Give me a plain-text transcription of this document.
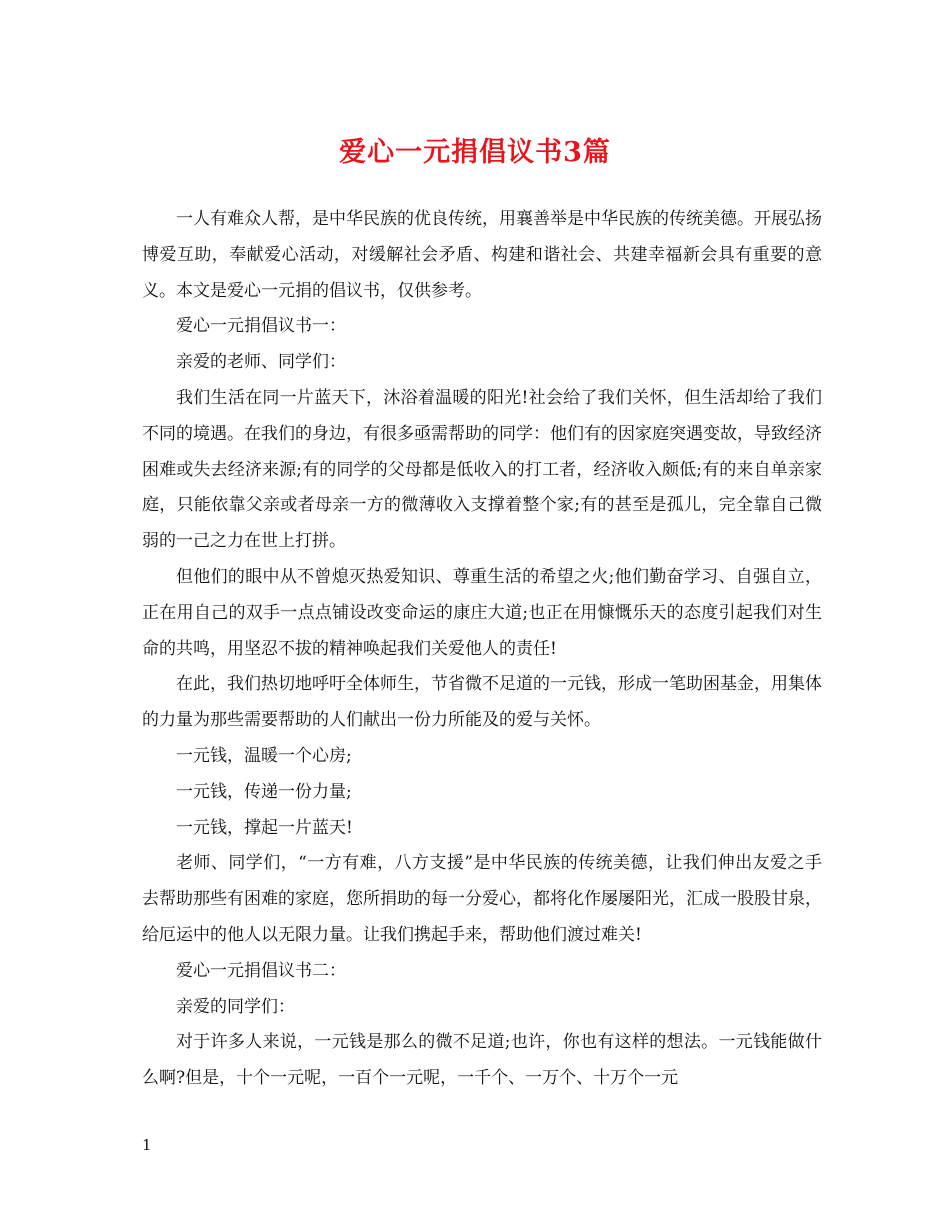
爱心一元捐倡议书3篇

一人有难众人帮，是中华民族的优良传统，用襄善举是中华民族的传统美德。开展弘扬博爱互助，奉献爱心活动，对缓解社会矛盾、构建和谐社会、共建幸福新会具有重要的意义。本文是爱心一元捐的倡议书，仅供参考。

爱心一元捐倡议书一：

亲爱的老师、同学们：

我们生活在同一片蓝天下，沐浴着温暖的阳光!社会给了我们关怀，但生活却给了我们不同的境遇。在我们的身边，有很多亟需帮助的同学：他们有的因家庭突遇变故，导致经济困难或失去经济来源;有的同学的父母都是低收入的打工者，经济收入颇低;有的来自单亲家庭，只能依靠父亲或者母亲一方的微薄收入支撑着整个家;有的甚至是孤儿，完全靠自己微弱的一己之力在世上打拼。

但他们的眼中从不曾熄灭热爱知识、尊重生活的希望之火;他们勤奋学习、自强自立，正在用自己的双手一点点铺设改变命运的康庄大道;也正在用慷慨乐天的态度引起我们对生命的共鸣，用坚忍不拔的精神唤起我们关爱他人的责任!

在此，我们热切地呼吁全体师生，节省微不足道的一元钱，形成一笔助困基金，用集体的力量为那些需要帮助的人们献出一份力所能及的爱与关怀。

一元钱，温暖一个心房;

一元钱，传递一份力量;

一元钱，撑起一片蓝天!

老师、同学们，“一方有难，八方支援”是中华民族的传统美德，让我们伸出友爱之手去帮助那些有困难的家庭，您所捐助的每一分爱心，都将化作屡屡阳光，汇成一股股甘泉，给厄运中的他人以无限力量。让我们携起手来，帮助他们渡过难关!

爱心一元捐倡议书二：

亲爱的同学们：

对于许多人来说，一元钱是那么的微不足道;也许，你也有这样的想法。一元钱能做什么啊?但是，十个一元呢，一百个一元呢，一千个、一万个、十万个一元

1
